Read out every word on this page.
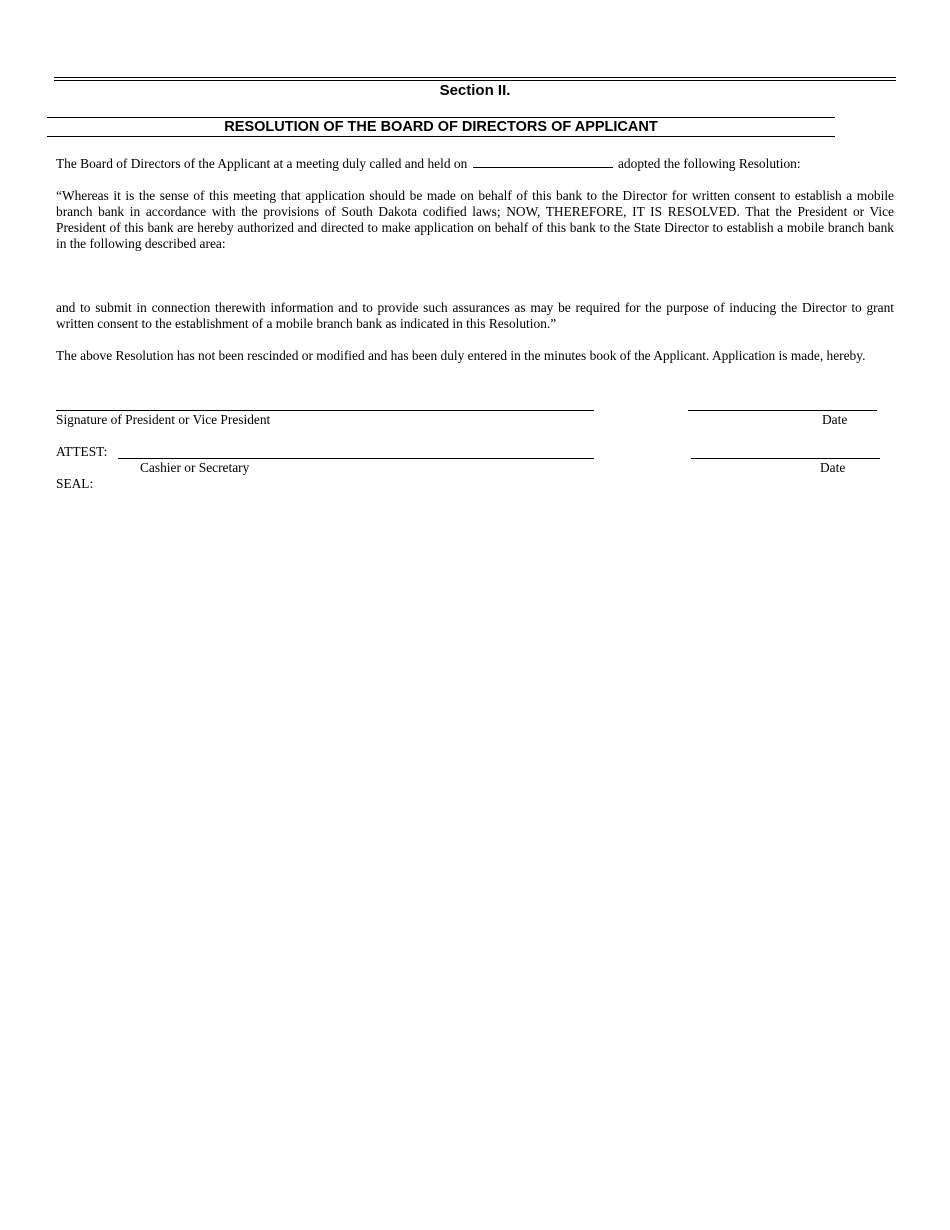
Section II.
RESOLUTION OF THE BOARD OF DIRECTORS OF APPLICANT
The Board of Directors of the Applicant at a meeting duly called and held on	adopted the following Resolution:
“Whereas it is the sense of this meeting that application should be made on behalf of this bank to the Director for written consent to establish a mobile branch bank in accordance with the provisions of South Dakota codified laws; NOW, THEREFORE, IT IS RESOLVED. That the President or Vice President of this bank are hereby authorized and directed to make application on behalf of this bank to the State Director to establish a mobile branch bank in the following described area:
and to submit in connection therewith information and to provide such assurances as may be required for the purpose of inducing the Director to grant written consent to the establishment of a mobile branch bank as indicated in this Resolution.”
The above Resolution has not been rescinded or modified and has been duly entered in the minutes book of the Applicant. Application is made, hereby.
Signature of President or Vice President	Date
ATTEST:
Cashier or Secretary	Date
SEAL:
